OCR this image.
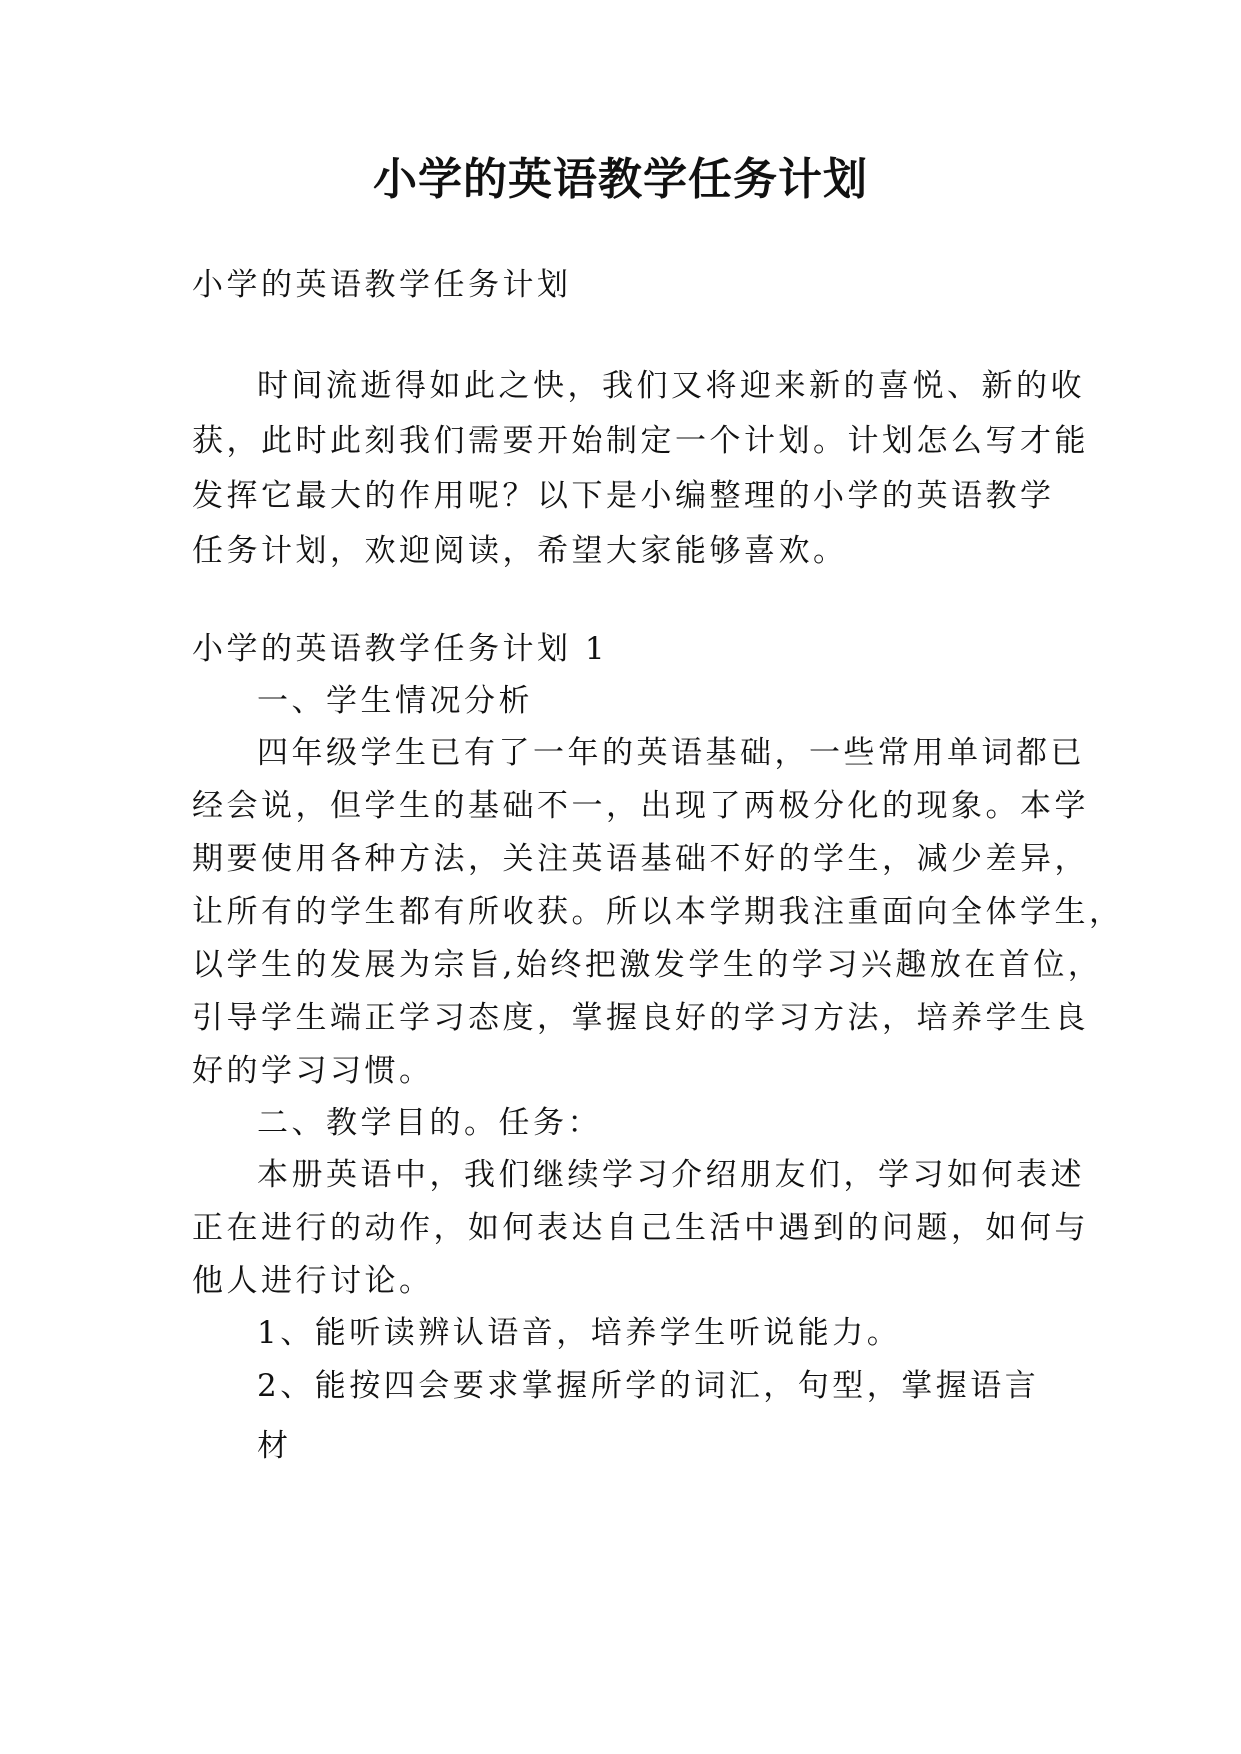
小学的英语教学任务计划

小学的英语教学任务计划

时间流逝得如此之快，我们又将迎来新的喜悦、新的收
获，此时此刻我们需要开始制定一个计划。计划怎么写才能
发挥它最大的作用呢？以下是小编整理的小学的英语教学
任务计划，欢迎阅读，希望大家能够喜欢。

小学的英语教学任务计划 1

一、学生情况分析

四年级学生已有了一年的英语基础，一些常用单词都已
经会说，但学生的基础不一，出现了两极分化的现象。本学
期要使用各种方法，关注英语基础不好的学生，减少差异，
让所有的学生都有所收获。所以本学期我注重面向全体学生，
以学生的发展为宗旨,始终把激发学生的学习兴趣放在首位，
引导学生端正学习态度，掌握良好的学习方法，培养学生良
好的学习习惯。

二、教学目的。任务：

本册英语中，我们继续学习介绍朋友们，学习如何表述
正在进行的动作，如何表达自己生活中遇到的问题，如何与
他人进行讨论。

1、能听读辨认语音，培养学生听说能力。

2、能按四会要求掌握所学的词汇，句型，掌握语言材
